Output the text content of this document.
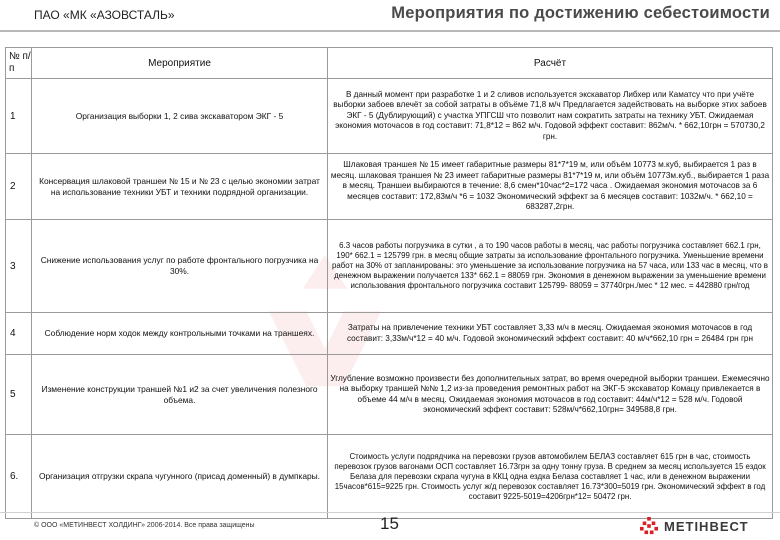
ПАО «МК «АЗОВСТАЛЬ»	Мероприятия по достижению себестоимости
№ п/п	Мероприятие	Расчёт
1	Организация выборки 1, 2 сива экскаватором ЭКГ - 5	В данный момент при разработке 1 и 2 сливов используется экскаватор Либхер или Каматсу что при учёте выборки забоев влечёт за собой затраты в объёме 71,8 м/ч Предлагается задействовать на выборке этих забоев ЭКГ - 5 (Дублирующий) с участка УПГСШ что позволит нам сократить затраты на технику УБТ. Ожидаемая экономия моточасов в год составит: 71,8*12 = 862 м/ч. Годовой эффект составит: 862м/ч. * 662,10грн = 570730,2 грн.
2	Консервация шлаковой траншеи № 15 и № 23 с целью экономии затрат на использование техники УБТ и техники подрядной организации.	Шлаковая траншея № 15 имеет габаритные размеры 81*7*19 м, или объём 10773 м.куб, выбирается 1 раз в месяц. шлаковая траншея № 23 имеет габаритные размеры 81*7*19 м, или объём 10773м.куб., выбирается 1 раза в месяц. Траншеи выбираются в течение: 8,6 смен*10час*2=172 часа . Ожидаемая экономия моточасов за 6 месяцев составит: 172,83м/ч *6 = 1032 Экономический эффект за 6 месяцев составит: 1032м/ч. * 662,10 = 683287,2грн.
3	Снижение использования услуг по работе фронтального погрузчика на 30%.	6.3 часов работы погрузчика в сутки , а то 190 часов работы в месяц, час работы погрузчика составляет 662.1 грн, 190* 662.1 = 125799 грн. в месяц общие затраты за использование фронтального погрузчика. Уменьшение времени работ на 30% от запланированы: это уменьшение за использование погрузчика на 57 часа, или 133 час в месяц, что в денежном выражении получается 133* 662.1 = 88059 грн. Экономия в денежном выражении за уменьшение времени использования фронтального погрузчика составит 125799- 88059 = 37740грн./мес * 12 мес. = 442880 грн/год
4	Соблюдение норм ходок между контрольными точками на траншеях.	Затраты на привлечение техники УБТ составляет 3,33 м/ч в месяц. Ожидаемая экономия моточасов в год составит: 3,33м/ч*12 = 40 м/ч. Годовой экономический эффект составит: 40 м/ч*662,10 грн = 26484 грн грн
5	Изменение конструкции траншей №1 и2 за счет увеличения полезного объема.	Углубление возможно произвести без дополнительных затрат, во время очередной выборки траншеи. Ежемесячно на выборку траншей №№ 1,2 из-за проведения ремонтных работ на ЭКГ-5 экскаватор Комацу привлекается в объеме 44 м/ч в месяц. Ожидаемая экономия моточасов в год составит: 44м/ч*12 = 528 м/ч. Годовой экономический эффект составит: 528м/ч*662,10грн= 349588,8 грн.
6.	Организация отгрузки скрапа чугунного (присад доменный) в думпкары.	Стоимость услуги подрядчика на перевозки грузов автомобилем БЕЛАЗ составляет 615 грн в час, стоимость перевозок грузов вагонами ОСП составляет 16.73грн за одну тонну груза. В среднем за месяц используется 15 ездок Белаза для перевозки скрапа чугуна в ККЦ одна ездка Белаза составляет 1 час, или в денежном выражении 15часов*615=9225 грн. Стоимость услуг ж/д перевозок составляет 16.73*300=5019 грн. Экономический эффект в год составит 9225-5019=4206грн*12= 50472 грн.
© ООО «МЕТИНВЕСТ ХОЛДИНГ» 2006-2014. Все права защищены	15	МЕТІНВЕСТ
